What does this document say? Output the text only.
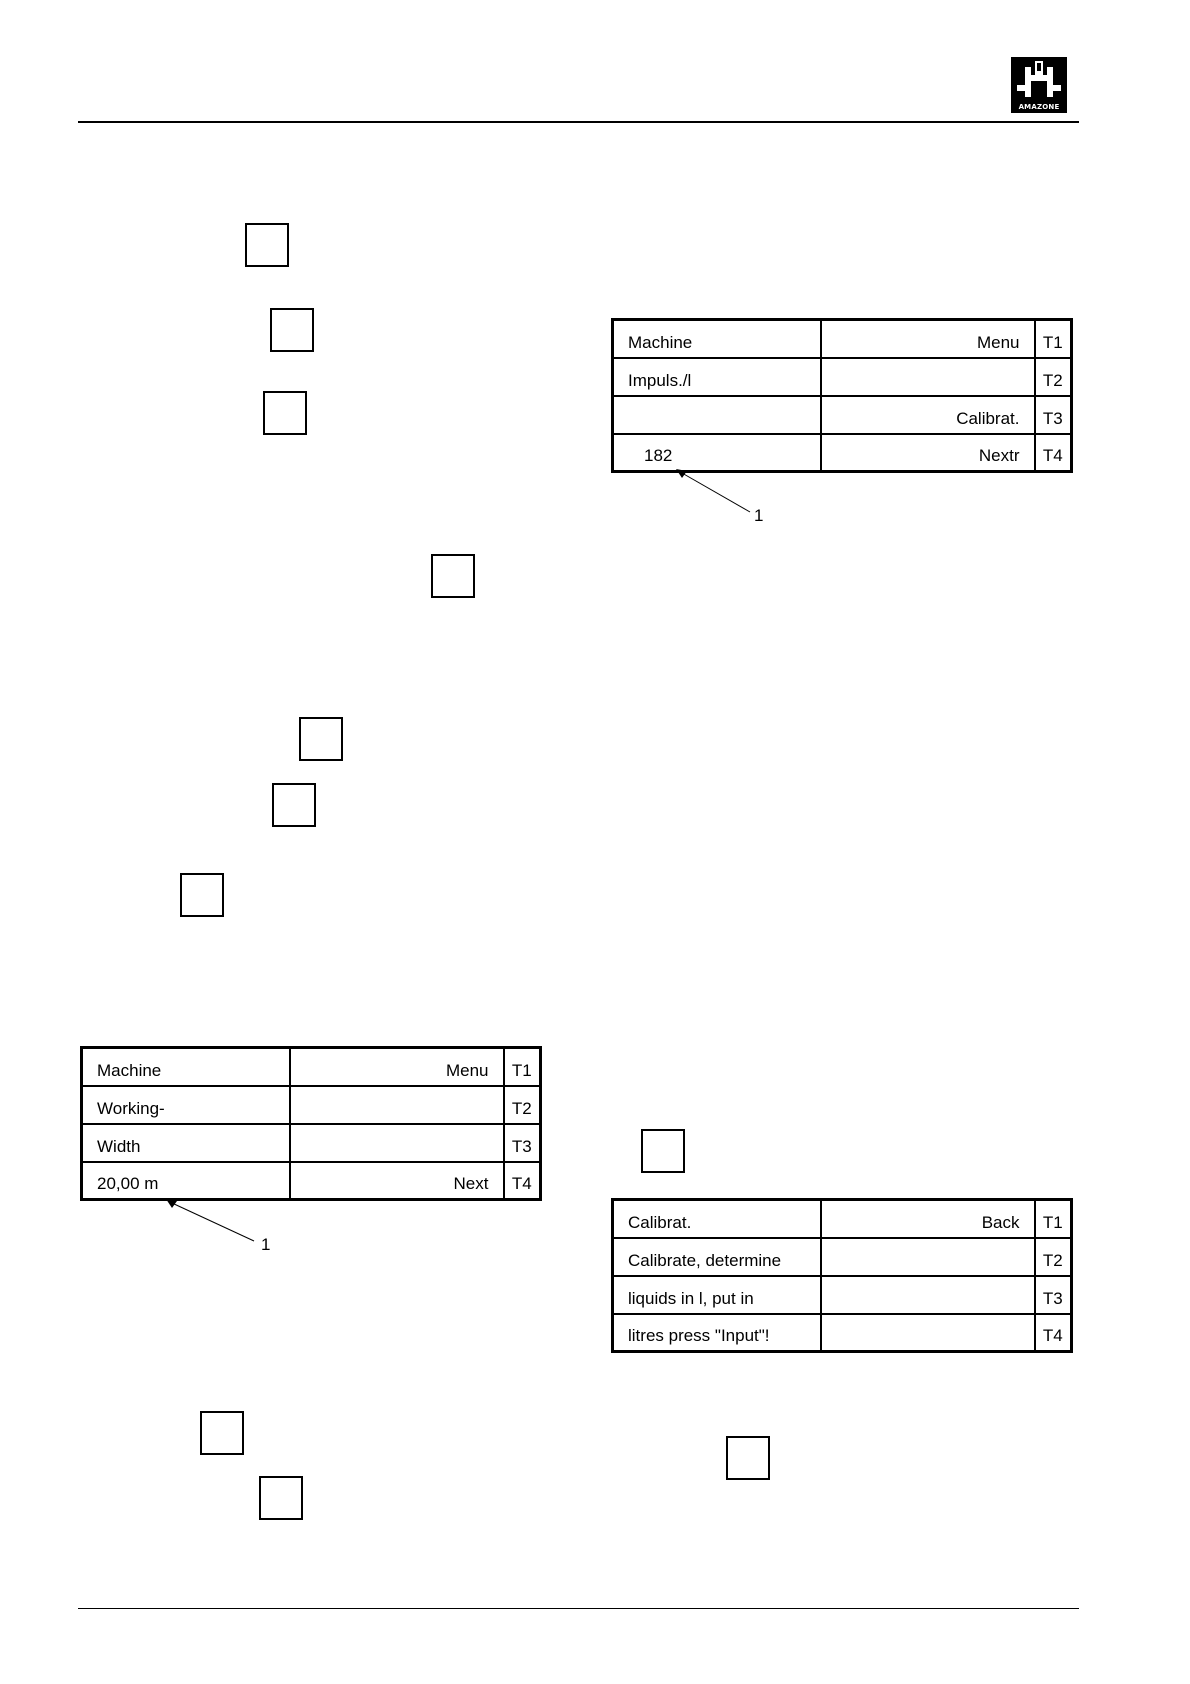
AMAZONE
Machine	Menu	T1
Impuls./l		T2
	Calibrat.	T3
182	Nextr	T4
1
Machine	Menu	T1
Working-		T2
Width		T3
20,00 m	Next	T4
1
Calibrat.	Back	T1
Calibrate, determine		T2
liquids in l, put in		T3
litres press "Input"!		T4
